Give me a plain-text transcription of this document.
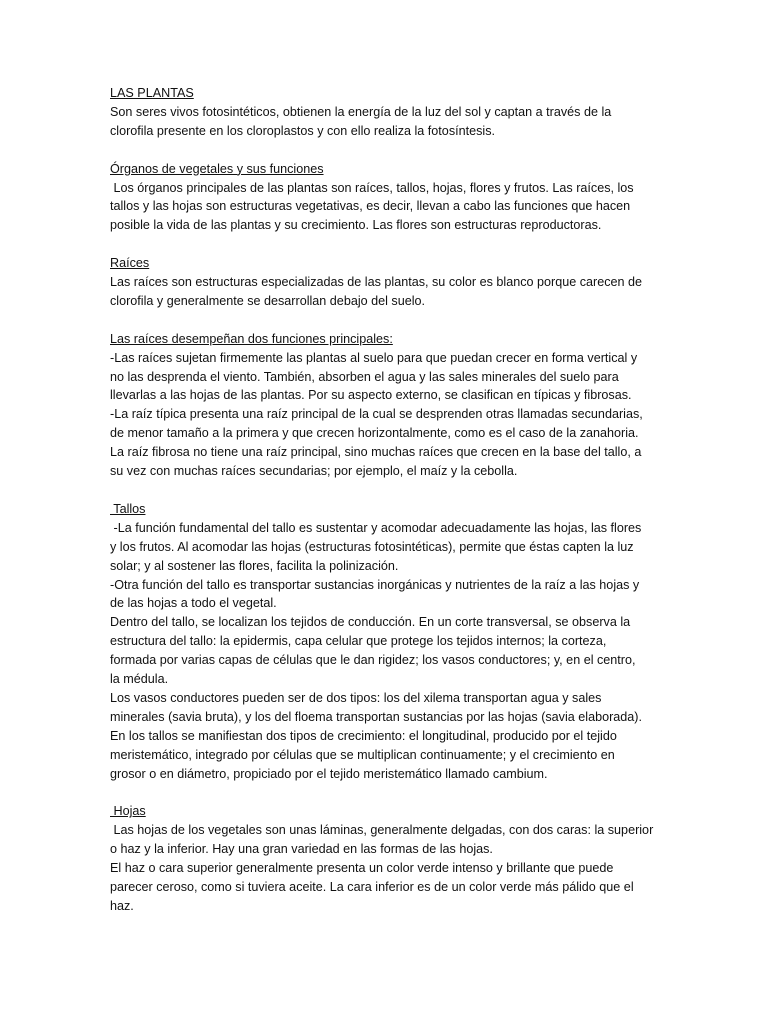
LAS PLANTAS
Son seres vivos fotosintéticos, obtienen la energía de la luz del sol y captan a través de la
clorofila presente en los cloroplastos y con ello realiza la fotosíntesis.
Órganos de vegetales y sus funciones
Los órganos principales de las plantas son raíces, tallos, hojas, flores y frutos. Las raíces, los
tallos y las hojas son estructuras vegetativas, es decir, llevan a cabo las funciones que hacen
posible la vida de las plantas y su crecimiento. Las flores son estructuras reproductoras.
Raíces
Las raíces son estructuras especializadas de las plantas, su color es blanco porque carecen de
clorofila y generalmente se desarrollan debajo del suelo.
Las raíces desempeñan dos funciones principales:
-Las raíces sujetan firmemente las plantas al suelo para que puedan crecer en forma vertical y
no las desprenda el viento. También, absorben el agua y las sales minerales del suelo para
llevarlas a las hojas de las plantas. Por su aspecto externo, se clasifican en típicas y fibrosas.
-La raíz típica presenta una raíz principal de la cual se desprenden otras llamadas secundarias,
de menor tamaño a la primera y que crecen horizontalmente, como es el caso de la zanahoria.
La raíz fibrosa no tiene una raíz principal, sino muchas raíces que crecen en la base del tallo, a
su vez con muchas raíces secundarias; por ejemplo, el maíz y la cebolla.
Tallos
-La función fundamental del tallo es sustentar y acomodar adecuadamente las hojas, las flores
y los frutos. Al acomodar las hojas (estructuras fotosintéticas), permite que éstas capten la luz
solar; y al sostener las flores, facilita la polinización.
-Otra función del tallo es transportar sustancias inorgánicas y nutrientes de la raíz a las hojas y
de las hojas a todo el vegetal.
Dentro del tallo, se localizan los tejidos de conducción. En un corte transversal, se observa la
estructura del tallo: la epidermis, capa celular que protege los tejidos internos; la corteza,
formada por varias capas de células que le dan rigidez; los vasos conductores; y, en el centro,
la médula.
Los vasos conductores pueden ser de dos tipos: los del xilema transportan agua y sales
minerales (savia bruta), y los del floema transportan sustancias por las hojas (savia elaborada).
En los tallos se manifiestan dos tipos de crecimiento: el longitudinal, producido por el tejido
meristemático, integrado por células que se multiplican continuamente; y el crecimiento en
grosor o en diámetro, propiciado por el tejido meristemático llamado cambium.
Hojas
Las hojas de los vegetales son unas láminas, generalmente delgadas, con dos caras: la superior
o haz y la inferior. Hay una gran variedad en las formas de las hojas.
El haz o cara superior generalmente presenta un color verde intenso y brillante que puede
parecer ceroso, como si tuviera aceite. La cara inferior es de un color verde más pálido que el
haz.
